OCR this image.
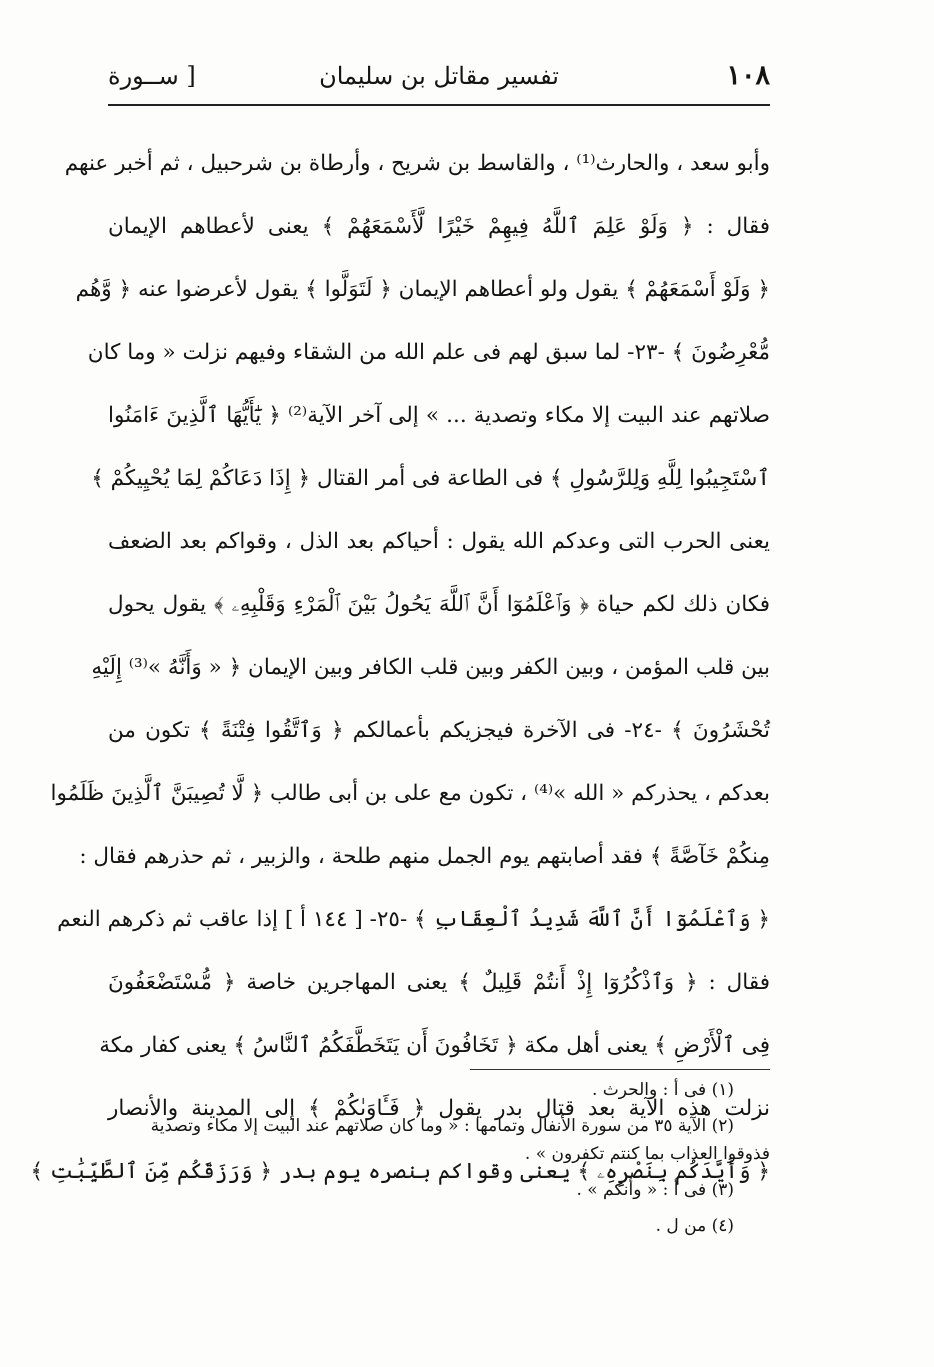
١٠٨
تفسير مقاتل بن سليمان
[ ســورة
وأبو سعد ، والحارث⁽¹⁾ ، والقاسط بن شريح ، وأرطاة بن شرحبيل ، ثم أخبر عنهم
فقال : ﴿ وَلَوْ عَلِمَ ٱللَّهُ فِيهِمْ خَيْرًا لَّأَسْمَعَهُمْ ﴾ يعنى لأعطاهم الإيمان
﴿ وَلَوْ أَسْمَعَهُمْ ﴾ يقول ولو أعطاهم الإيمان ﴿ لَتَوَلَّوا ﴾ يقول لأعرضوا عنه ﴿ وَّهُم
مُّعْرِضُونَ ﴾ -٢٣- لما سبق لهم فى علم الله من الشقاء وفيهم نزلت « وما كان
صلاتهم عند البيت إلا مكاء وتصدية ... » إلى آخر الآية⁽²⁾ ﴿ يَٰٓأَيُّهَا ٱلَّذِينَ ءَامَنُوا
ٱسْتَجِيبُوا لِلَّهِ وَلِلرَّسُولِ ﴾ فى الطاعة فى أمر القتال ﴿ إِذَا دَعَاكُمْ لِمَا يُحْيِيكُمْ ﴾
يعنى الحرب التى وعدكم الله يقول : أحياكم بعد الذل ، وقواكم بعد الضعف
فكان ذلك لكم حياة ﴿ وَٱعْلَمُوٓا أَنَّ ٱللَّهَ يَحُولُ بَيْنَ ٱلْمَرْءِ وَقَلْبِهِۦ ﴾ يقول يحول
بين قلب المؤمن ، وبين الكفر وبين قلب الكافر وبين الإيمان ﴿ « وَأَنَّهُ »⁽³⁾ إِلَيْهِ
تُحْشَرُونَ ﴾ -٢٤- فى الآخرة فيجزيكم بأعمالكم ﴿ وَٱتَّقُوا فِتْنَةً ﴾ تكون من
بعدكم ، يحذركم « الله »⁽⁴⁾ ، تكون مع على بن أبى طالب ﴿ لَّا تُصِيبَنَّ ٱلَّذِينَ ظَلَمُوا
مِنكُمْ خَآصَّةً ﴾ فقد أصابتهم يوم الجمل منهم طلحة ، والزبير ، ثم حذرهم فقال :
﴿ وَٱعْلَمُوٓا أَنَّ ٱللَّهَ شَدِيدُ ٱلْعِقَابِ ﴾ -٢٥- [ ١٤٤ أ ] إذا عاقب ثم ذكرهم النعم
فقال : ﴿ وَٱذْكُرُوٓا إِذْ أَنتُمْ قَلِيلٌ ﴾ يعنى المهاجرين خاصة ﴿ مُّسْتَضْعَفُونَ
فِى ٱلْأَرْضِ ﴾ يعنى أهل مكة ﴿ تَخَافُونَ أَن يَتَخَطَّفَكُمُ ٱلنَّاسُ ﴾ يعنى كفار مكة
نزلت هذه الآية بعد قتال بدر يقول ﴿ فَـَٔاوَىٰكُمْ ﴾ إلى المدينة والأنصار
﴿ وَأَيَّدَكُم بِنَصْرِهِۦ ﴾ يعنى وقواكم بنصره يوم بدر ﴿ وَرَزَقَكُم مِّنَ ٱلطَّيِّبَٰتِ ﴾
(١) فى أ : والحرث .
(٢) الآية ٣٥ من سورة الأنفال وتمامها : « وما كان صلاتهم عند البيت إلا مكاء وتصدية
فذوقوا العذاب بما كنتم تكفرون » .
(٣) فى أ : « وأنكم » .
(٤) من ل .
